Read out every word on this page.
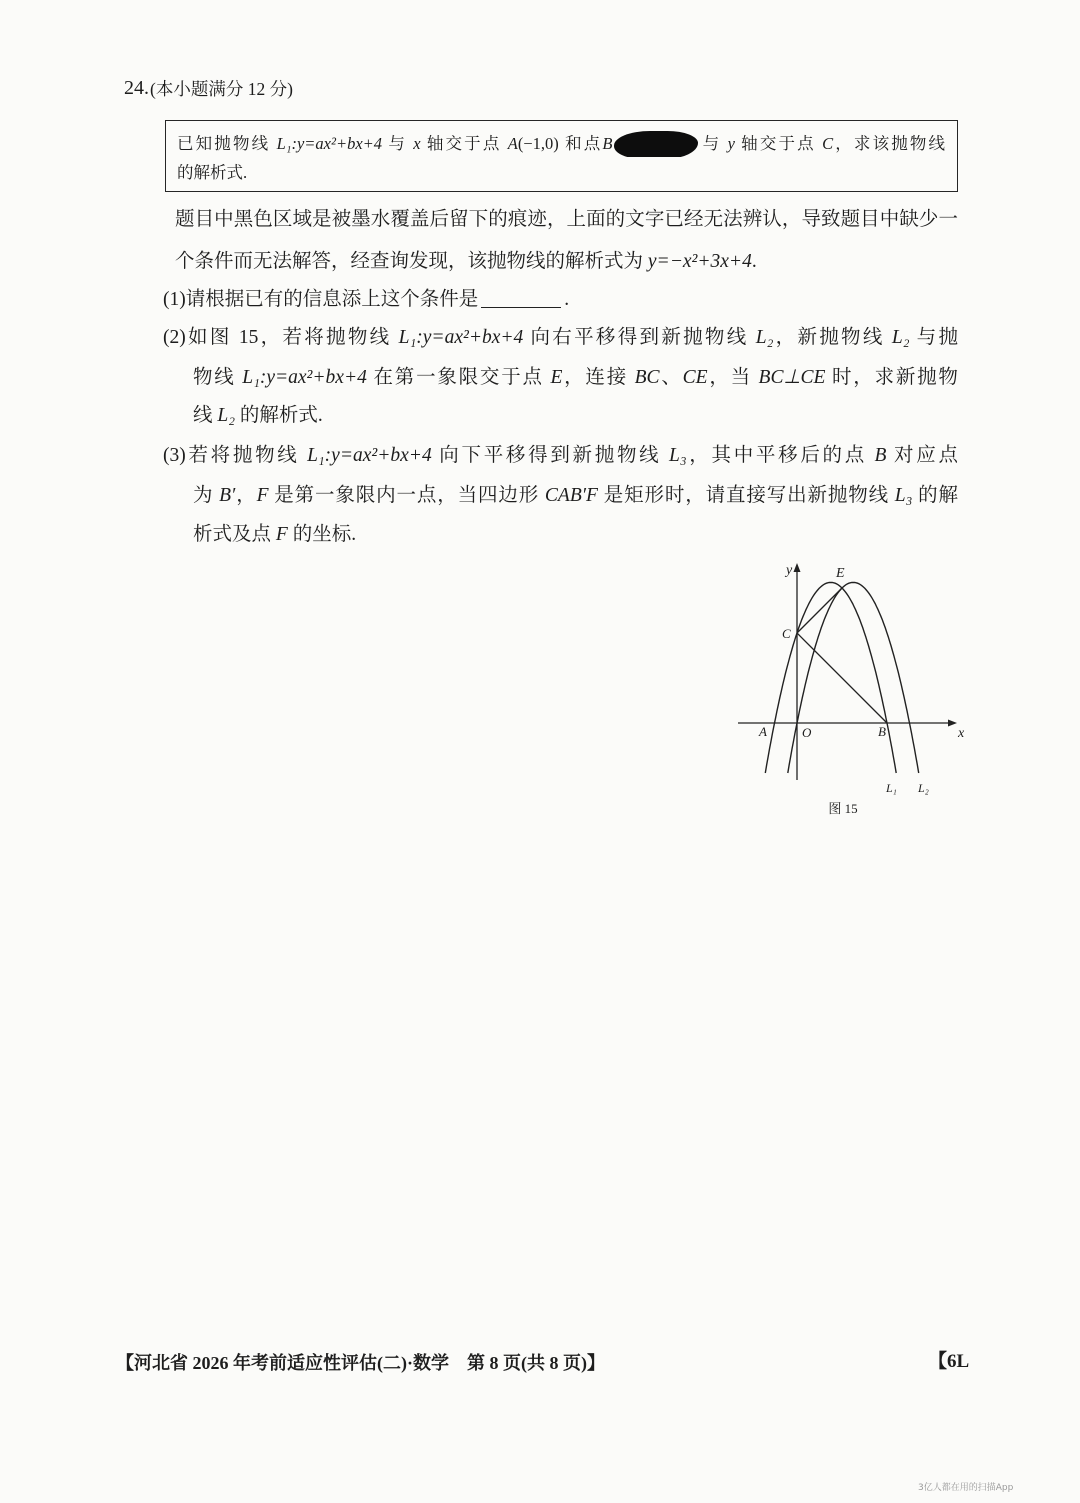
24. (本小题满分 12 分)
已知抛物线 L₁:y=ax²+bx+4 与 x 轴交于点 A(−1,0) 和点B	与 y 轴交于点 C，求该抛物线
的解析式.
题目中黑色区域是被墨水覆盖后留下的痕迹，上面的文字已经无法辨认，导致题目中缺少一
个条件而无法解答，经查询发现，该抛物线的解析式为 y=−x²+3x+4.
(1)请根据已有的信息添上这个条件是	.
(2)如图 15，若将抛物线 L₁:y=ax²+bx+4 向右平移得到新抛物线 L₂，新抛物线 L₂ 与抛
物线 L₁:y=ax²+bx+4 在第一象限交于点 E，连接 BC、CE，当 BC⊥CE 时，求新抛物
线 L₂ 的解析式.
(3)若将抛物线 L₁:y=ax²+bx+4 向下平移得到新抛物线 L₃，其中平移后的点 B 对应点
为 B′，F 是第一象限内一点，当四边形 CAB′F 是矩形时，请直接写出新抛物线 L₃ 的解
析式及点 F 的坐标.
y
x
O
A	B
C
E
L₁ L₂
图 15
【河北省 2026 年考前适应性评估(二)·数学　第 8 页(共 8 页)】	【6L
3亿人都在用的扫描App
